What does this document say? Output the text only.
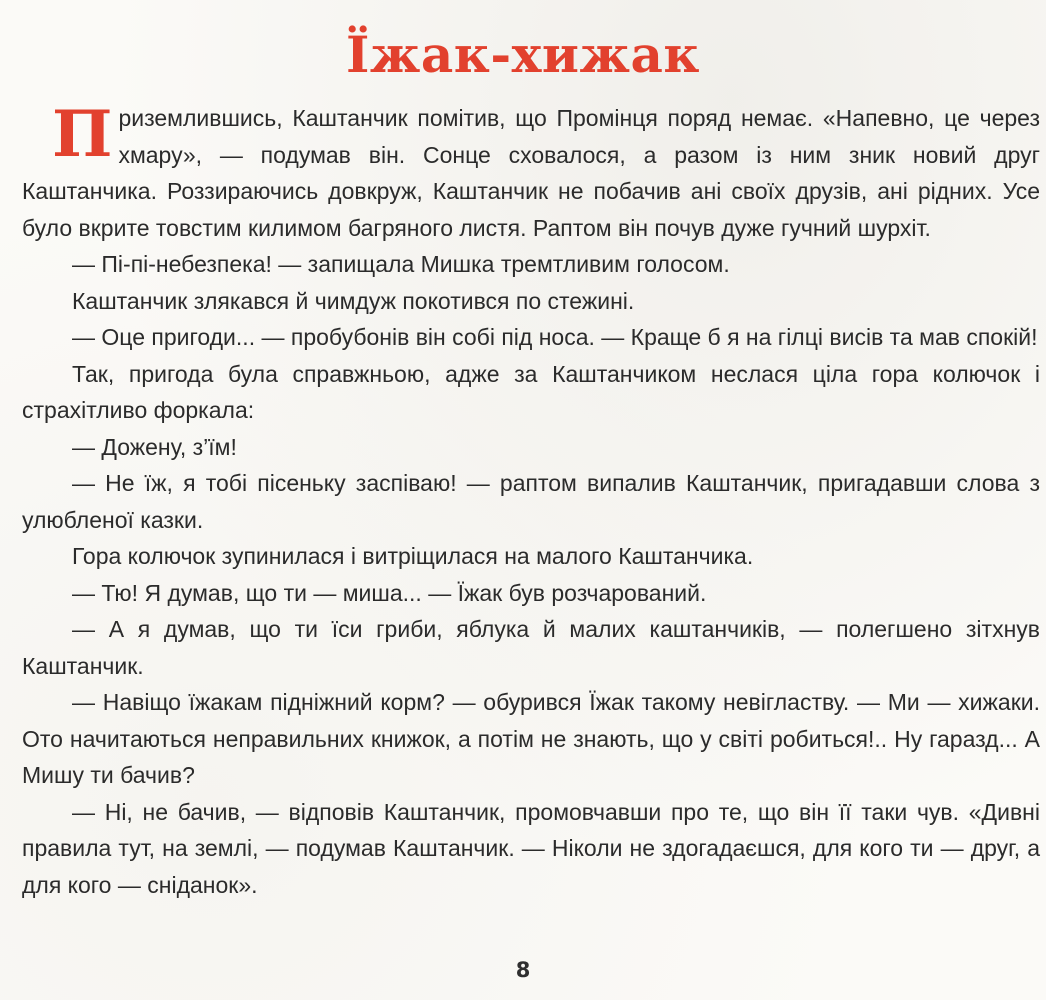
Їжак-хижак

Приземлившись, Каштанчик помітив, що Промінця поряд немає. «Напевно, це через хмару», — подумав він. Сонце сховалося, а разом із ним зник новий друг Каштанчика. Роззираючись довкруж, Каштанчик не побачив ані своїх друзів, ані рідних. Усе було вкрите товстим килимом багряного листя. Раптом він почув дуже гучний шурхіт.

— Пі-пі-небезпека! — запищала Мишка тремтливим голосом.

Каштанчик злякався й чимдуж покотився по стежині.

— Оце пригоди... — пробубонів він собі під носа. — Краще б я на гілці висів та мав спокій!

Так, пригода була справжньою, адже за Каштанчиком неслася ціла гора колючок і страхітливо форкала:

— Дожену, з’їм!

— Не їж, я тобі пісеньку заспіваю! — раптом випалив Каштанчик, пригадавши слова з улюбленої казки.

Гора колючок зупинилася і витріщилася на малого Каштанчика.

— Тю! Я думав, що ти — миша... — Їжак був розчарований.

— А я думав, що ти їси гриби, яблука й малих каштанчиків, — полегшено зітхнув Каштанчик.

— Навіщо їжакам підніжний корм? — обурився Їжак такому невігластву. — Ми — хижаки. Ото начитаються неправильних книжок, а потім не знають, що у світі робиться!.. Ну гаразд... А Мишу ти бачив?

— Ні, не бачив, — відповів Каштанчик, промовчавши про те, що він її таки чув. «Дивні правила тут, на землі, — подумав Каштанчик. — Ніколи не здогадаєшся, для кого ти — друг, а для кого — сніданок».

8
